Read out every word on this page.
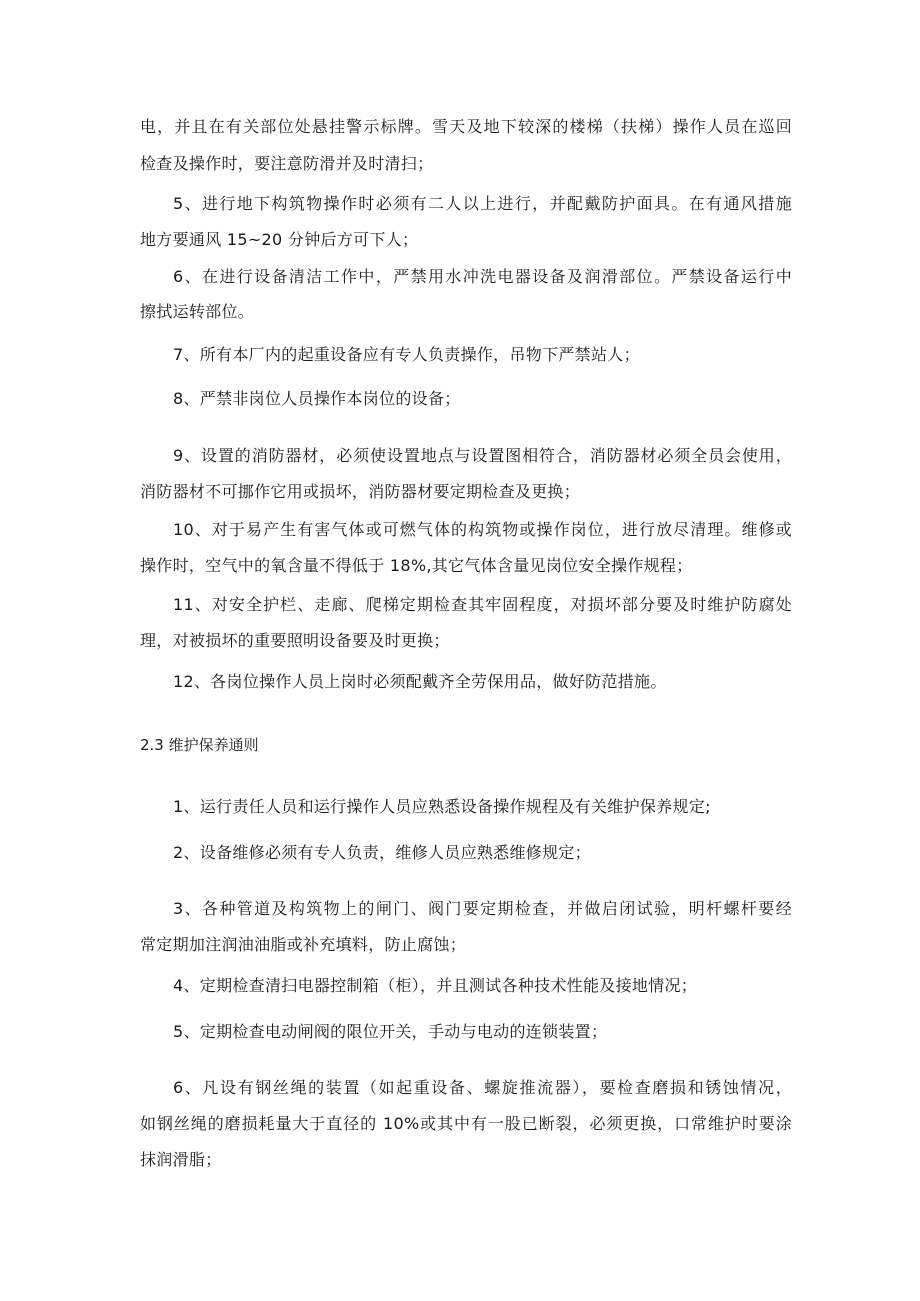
电，并且在有关部位处悬挂警示标牌。雪天及地下较深的楼梯（扶梯）操作人员在巡回

检查及操作时，要注意防滑并及时清扫；

5、进行地下构筑物操作时必须有二人以上进行，并配戴防护面具。在有通风措施

地方要通风 15~20 分钟后方可下人；

6、在进行设备清洁工作中，严禁用水冲洗电器设备及润滑部位。严禁设备运行中

擦拭运转部位。

7、所有本厂内的起重设备应有专人负责操作，吊物下严禁站人；

8、严禁非岗位人员操作本岗位的设备；

9、设置的消防器材，必须使设置地点与设置图相符合，消防器材必须全员会使用，

消防器材不可挪作它用或损坏，消防器材要定期检查及更换；

10、对于易产生有害气体或可燃气体的构筑物或操作岗位，进行放尽清理。维修或

操作时，空气中的氧含量不得低于 18%,其它气体含量见岗位安全操作规程；

11、对安全护栏、走廊、爬梯定期检查其牢固程度，对损坏部分要及时维护防腐处

理，对被损坏的重要照明设备要及时更换；

12、各岗位操作人员上岗时必须配戴齐全劳保用品，做好防范措施。

2.3 维护保养通则

1、运行责任人员和运行操作人员应熟悉设备操作规程及有关维护保养规定;

2、设备维修必须有专人负责，维修人员应熟悉维修规定；

3、各种管道及构筑物上的闸门、阀门要定期检查，并做启闭试验，明杆螺杆要经

常定期加注润油油脂或补充填料，防止腐蚀；

4、定期检查清扫电器控制箱（柜），并且测试各种技术性能及接地情况；

5、定期检查电动闸阀的限位开关，手动与电动的连锁装置；

6、凡设有钢丝绳的装置（如起重设备、螺旋推流器），要检查磨损和锈蚀情况，

如钢丝绳的磨损耗量大于直径的 10%或其中有一股已断裂，必须更换，口常维护时要涂

抹润滑脂；
